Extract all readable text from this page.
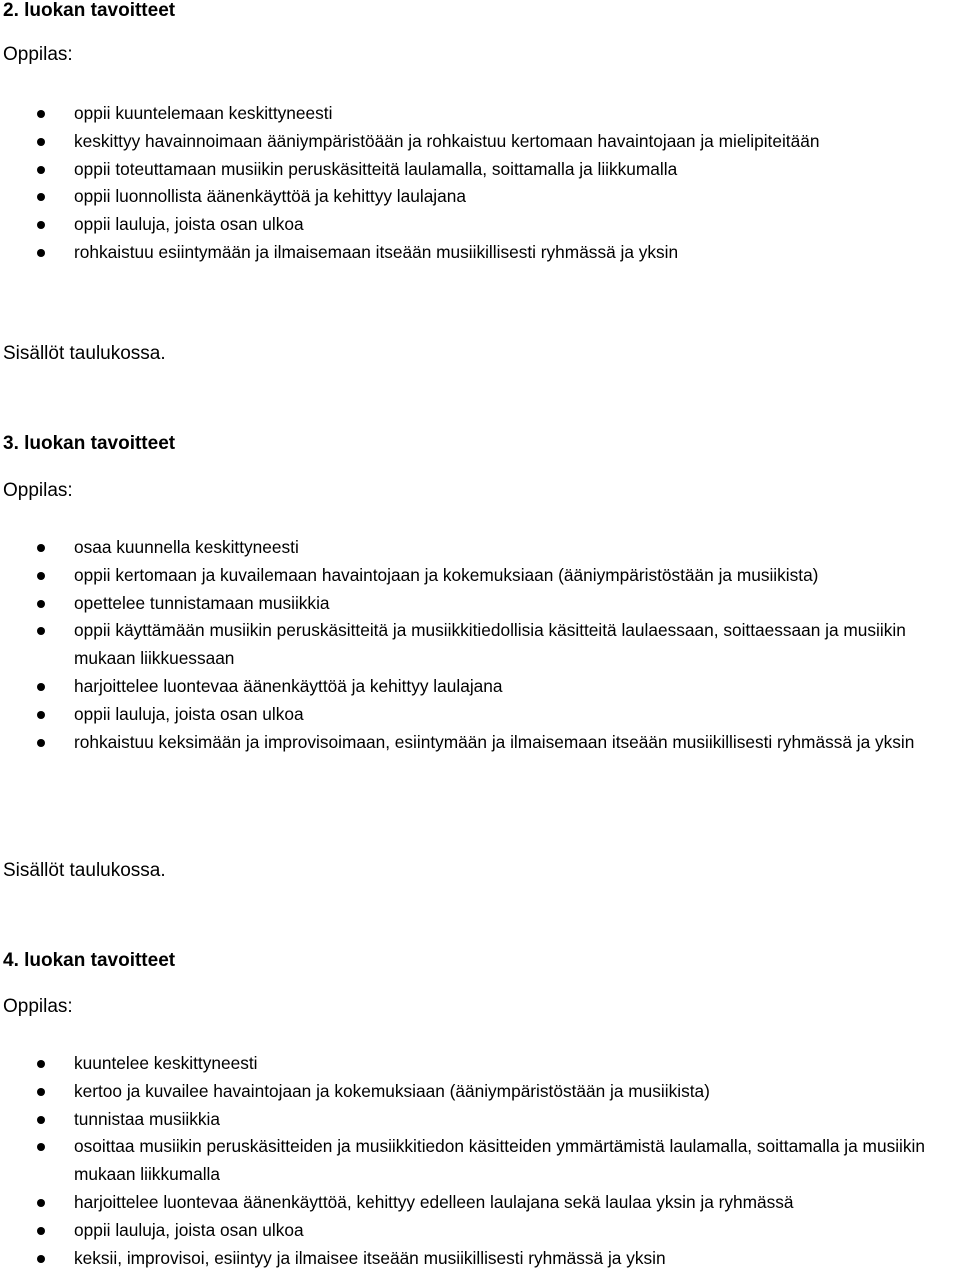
2. luokan tavoitteet
Oppilas:
oppii kuuntelemaan keskittyneesti
keskittyy havainnoimaan ääniympäristöään ja rohkaistuu kertomaan havaintojaan ja mielipiteitään
oppii toteuttamaan musiikin peruskäsitteitä laulamalla, soittamalla ja liikkumalla
oppii luonnollista äänenkäyttöä ja kehittyy laulajana
oppii lauluja, joista osan ulkoa
rohkaistuu esiintymään ja ilmaisemaan itseään musiikillisesti ryhmässä ja yksin
Sisällöt taulukossa.
3. luokan tavoitteet
Oppilas:
osaa kuunnella keskittyneesti
oppii kertomaan ja kuvailemaan havaintojaan ja kokemuksiaan (ääniympäristöstään ja musiikista)
opettelee tunnistamaan musiikkia
oppii käyttämään musiikin peruskäsitteitä ja musiikkitiedollisia käsitteitä laulaessaan, soittaessaan ja musiikin mukaan liikkuessaan
harjoittelee luontevaa äänenkäyttöä ja kehittyy laulajana
oppii lauluja, joista osan ulkoa
rohkaistuu keksimään ja improvisoimaan, esiintymään ja ilmaisemaan itseään musiikillisesti ryhmässä ja yksin
Sisällöt taulukossa.
4. luokan tavoitteet
Oppilas:
kuuntelee keskittyneesti
kertoo ja kuvailee havaintojaan ja kokemuksiaan (ääniympäristöstään ja musiikista)
tunnistaa musiikkia
osoittaa musiikin peruskäsitteiden ja musiikkitiedon käsitteiden ymmärtämistä laulamalla, soittamalla ja musiikin mukaan liikkumalla
harjoittelee luontevaa äänenkäyttöä, kehittyy edelleen laulajana sekä laulaa yksin ja ryhmässä
oppii lauluja, joista osan ulkoa
keksii, improvisoi, esiintyy ja ilmaisee itseään musiikillisesti ryhmässä ja yksin
